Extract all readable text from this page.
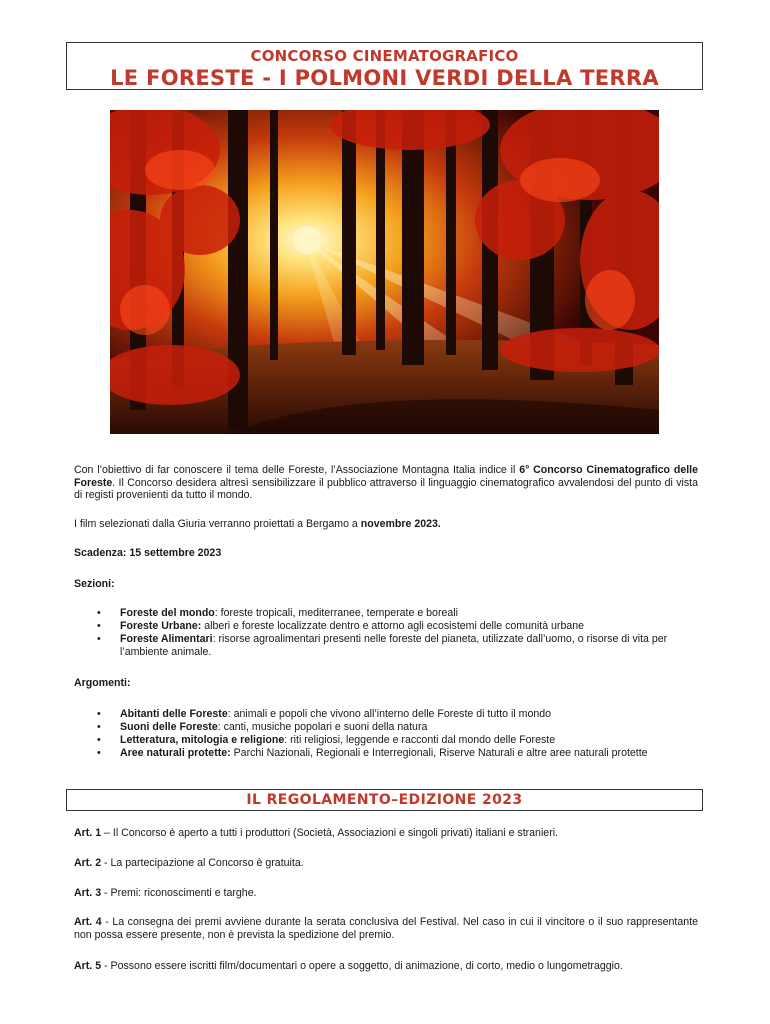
CONCORSO CINEMATOGRAFICO
LE FORESTE - I POLMONI VERDI DELLA TERRA
Con l’obiettivo di far conoscere il tema delle Foreste, l’Associazione Montagna Italia indice il 6° Concorso Cinematografico delle Foreste. Il Concorso desidera altresì sensibilizzare il pubblico attraverso il linguaggio cinematografico avvalendosi del punto di vista di registi provenienti da tutto il mondo.
I film selezionati dalla Giuria verranno proiettati a Bergamo a novembre 2023.
Scadenza: 15 settembre 2023
Sezioni:
• Foreste del mondo: foreste tropicali, mediterranee, temperate e boreali
• Foreste Urbane: alberi e foreste localizzate dentro e attorno agli ecosistemi delle comunità urbane
• Foreste Alimentari: risorse agroalimentari presenti nelle foreste del pianeta, utilizzate dall’uomo, o risorse di vita per l’ambiente animale.
Argomenti:
• Abitanti delle Foreste: animali e popoli che vivono all’interno delle Foreste di tutto il mondo
• Suoni delle Foreste: canti, musiche popolari e suoni della natura
• Letteratura, mitologia e religione: riti religiosi, leggende e racconti dal mondo delle Foreste
• Aree naturali protette: Parchi Nazionali, Regionali e Interregionali, Riserve Naturali e altre aree naturali protette
IL REGOLAMENTO–EDIZIONE 2023
Art. 1 – Il Concorso è aperto a tutti i produttori (Società, Associazioni e singoli privati) italiani e stranieri.
Art. 2 - La partecipazione al Concorso è gratuita.
Art. 3 - Premi: riconoscimenti e targhe.
Art. 4 - La consegna dei premi avviene durante la serata conclusiva del Festival. Nel caso in cui il vincitore o il suo rappresentante non possa essere presente, non è prevista la spedizione del premio.
Art. 5 - Possono essere iscritti film/documentari o opere a soggetto, di animazione, di corto, medio o lungometraggio.
